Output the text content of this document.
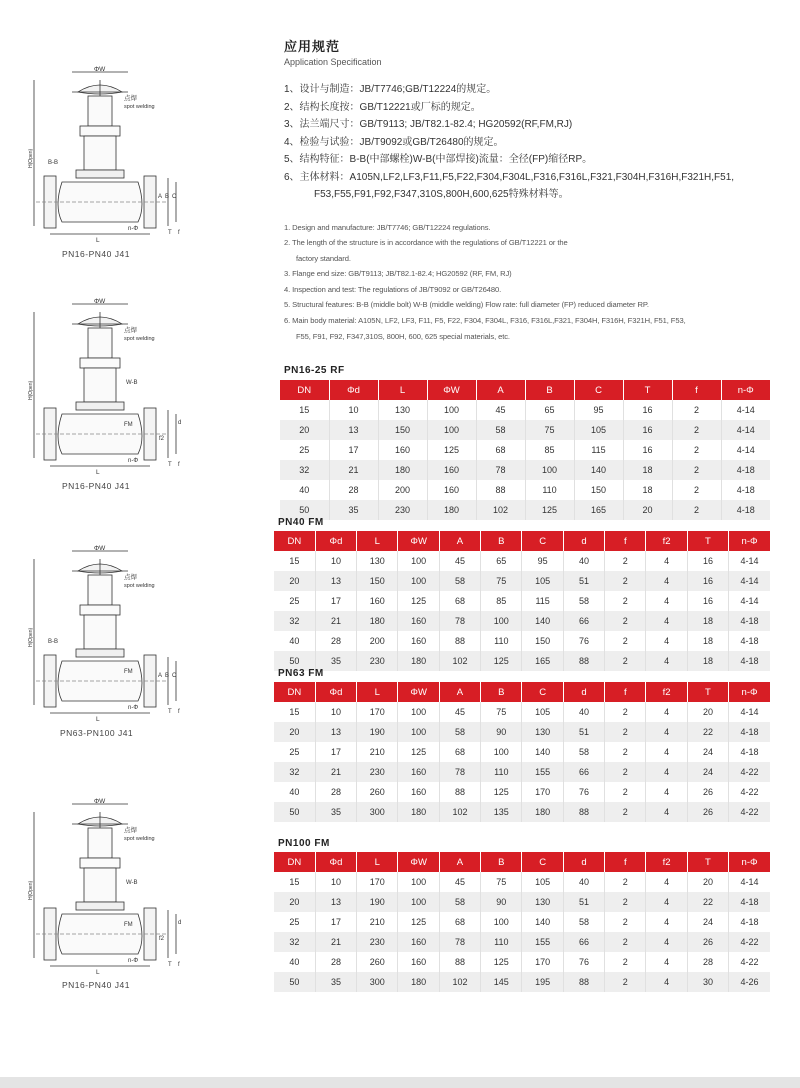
ΦW
点焊
spot welding
H(Open) B-B
A B C
L
n-Φ
T f
PN16-PN40 J41
ΦW
点焊
spot welding
H(Open)	W-B
FM
f2
d
L
n-Φ
T f
PN16-PN40 J41
ΦW
点焊
spot welding
H(Open) B-B
FM
A B C
L
n-Φ
T f
PN63-PN100 J41
ΦW
点焊
spot welding
H(Open)	W-B
FM
f2
d
L
n-Φ
T f
PN16-PN40 J41
应用规范
Application Specification
1、设计与制造：JB/T7746;GB/T12224的规定。
2、结构长度按：GB/T12221或厂标的规定。
3、法兰端尺寸：GB/T9113; JB/T82.1-82.4; HG20592(RF,FM,RJ)
4、检验与试验：JB/T9092或GB/T26480的规定。
5、结构特征：B-B(中部螺栓)W-B(中部焊接)流量：全径(FP)缩径RP。
6、主体材料：A105N,LF2,LF3,F11,F5,F22,F304,F304L,F316,F316L,F321,F304H,F316H,F321H,F51,
F53,F55,F91,F92,F347,310S,800H,600,625特殊材料等。
1. Design and manufacture: JB/T7746; GB/T12224 regulations.
2. The length of the structure is in accordance with the regulations of GB/T12221 or the
factory standard.
3. Flange end size: GB/T9113; JB/T82.1-82.4; HG20592 (RF, FM, RJ)
4. Inspection and test: The regulations of JB/T9092 or GB/T26480.
5. Structural features: B-B (middle bolt) W-B (middle welding) Flow rate: full diameter (FP) reduced diameter RP.
6. Main body material: A105N, LF2, LF3, F11, F5, F22, F304, F304L, F316, F316L,F321, F304H, F316H, F321H, F51, F53,
F55, F91, F92, F347,310S, 800H, 600, 625 special materials, etc.
PN16-25 RF
DN	Φd	L	ΦW	A	B	C	T	f	n-Φ
15	10	130	100	45	65	95	16	2	4-14
20	13	150	100	58	75	105	16	2	4-14
25	17	160	125	68	85	115	16	2	4-14
32	21	180	160	78	100	140	18	2	4-18
40	28	200	160	88	110	150	18	2	4-18
50	35	230	180	102	125	165	20	2	4-18
PN40 FM
DN	Φd	L	ΦW	A	B	C	d	f	f2	T	n-Φ
15	10	130	100	45	65	95	40	2	4	16	4-14
20	13	150	100	58	75	105	51	2	4	16	4-14
25	17	160	125	68	85	115	58	2	4	16	4-14
32	21	180	160	78	100	140	66	2	4	18	4-18
40	28	200	160	88	110	150	76	2	4	18	4-18
50	35	230	180	102	125	165	88	2	4	18	4-18
PN63 FM
DN	Φd	L	ΦW	A	B	C	d	f	f2	T	n-Φ
15	10	170	100	45	75	105	40	2	4	20	4-14
20	13	190	100	58	90	130	51	2	4	22	4-18
25	17	210	125	68	100	140	58	2	4	24	4-18
32	21	230	160	78	110	155	66	2	4	24	4-22
40	28	260	160	88	125	170	76	2	4	26	4-22
50	35	300	180	102	135	180	88	2	4	26	4-22
PN100 FM
DN	Φd	L	ΦW	A	B	C	d	f	f2	T	n-Φ
15	10	170	100	45	75	105	40	2	4	20	4-14
20	13	190	100	58	90	130	51	2	4	22	4-18
25	17	210	125	68	100	140	58	2	4	24	4-18
32	21	230	160	78	110	155	66	2	4	26	4-22
40	28	260	160	88	125	170	76	2	4	28	4-22
50	35	300	180	102	145	195	88	2	4	30	4-26
